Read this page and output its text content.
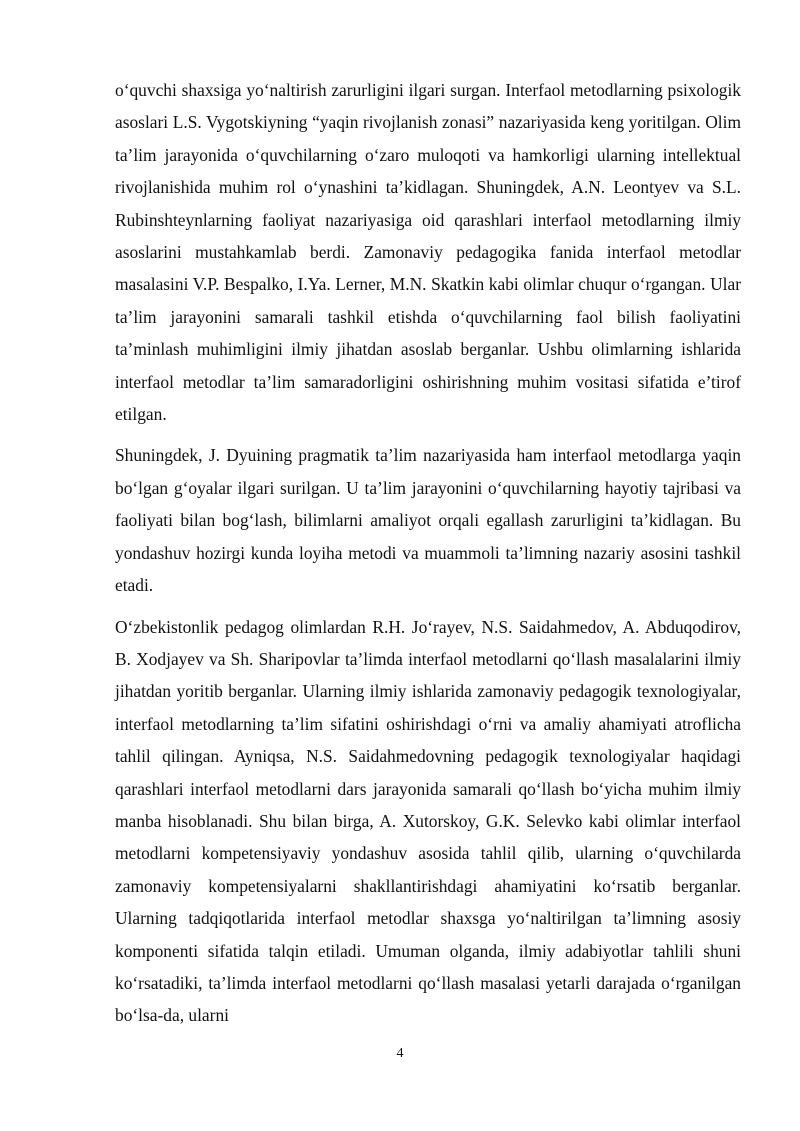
o‘quvchi shaxsiga yo‘naltirish zarurligini ilgari surgan. Interfaol metodlarning psixologik asoslari L.S. Vygotskiyning “yaqin rivojlanish zonasi” nazariyasida keng yoritilgan. Olim ta’lim jarayonida o‘quvchilarning o‘zaro muloqoti va hamkorligi ularning intellektual rivojlanishida muhim rol o‘ynashini ta’kidlagan. Shuningdek, A.N. Leontyev va S.L. Rubinshteynlarning faoliyat nazariyasiga oid qarashlari interfaol metodlarning ilmiy asoslarini mustahkamlab berdi. Zamonaviy pedagogika fanida interfaol metodlar masalasini V.P. Bespalko, I.Ya. Lerner, M.N. Skatkin kabi olimlar chuqur o‘rgangan. Ular ta’lim jarayonini samarali tashkil etishda o‘quvchilarning faol bilish faoliyatini ta’minlash muhimligini ilmiy jihatdan asoslab berganlar. Ushbu olimlarning ishlarida interfaol metodlar ta’lim samaradorligini oshirishning muhim vositasi sifatida e’tirof etilgan.

Shuningdek, J. Dyuining pragmatik ta’lim nazariyasida ham interfaol metodlarga yaqin bo‘lgan g‘oyalar ilgari surilgan. U ta’lim jarayonini o‘quvchilarning hayotiy tajribasi va faoliyati bilan bog‘lash, bilimlarni amaliyot orqali egallash zarurligini ta’kidlagan. Bu yondashuv hozirgi kunda loyiha metodi va muammoli ta’limning nazariy asosini tashkil etadi.

O‘zbekistonlik pedagog olimlardan R.H. Jo‘rayev, N.S. Saidahmedov, A. Abduqodirov, B. Xodjayev va Sh. Sharipovlar ta’limda interfaol metodlarni qo‘llash masalalarini ilmiy jihatdan yoritib berganlar. Ularning ilmiy ishlarida zamonaviy pedagogik texnologiyalar, interfaol metodlarning ta’lim sifatini oshirishdagi o‘rni va amaliy ahamiyati atroflicha tahlil qilingan. Ayniqsa, N.S. Saidahmedovning pedagogik texnologiyalar haqidagi qarashlari interfaol metodlarni dars jarayonida samarali qo‘llash bo‘yicha muhim ilmiy manba hisoblanadi. Shu bilan birga, A. Xutorskoy, G.K. Selevko kabi olimlar interfaol metodlarni kompetensiyaviy yondashuv asosida tahlil qilib, ularning o‘quvchilarda zamonaviy kompetensiyalarni shakllantirishdagi ahamiyatini ko‘rsatib berganlar. Ularning tadqiqotlarida interfaol metodlar shaxsga yo‘naltirilgan ta’limning asosiy komponenti sifatida talqin etiladi. Umuman olganda, ilmiy adabiyotlar tahlili shuni ko‘rsatadiki, ta’limda interfaol metodlarni qo‘llash masalasi yetarli darajada o‘rganilgan bo‘lsa-da, ularni

4
